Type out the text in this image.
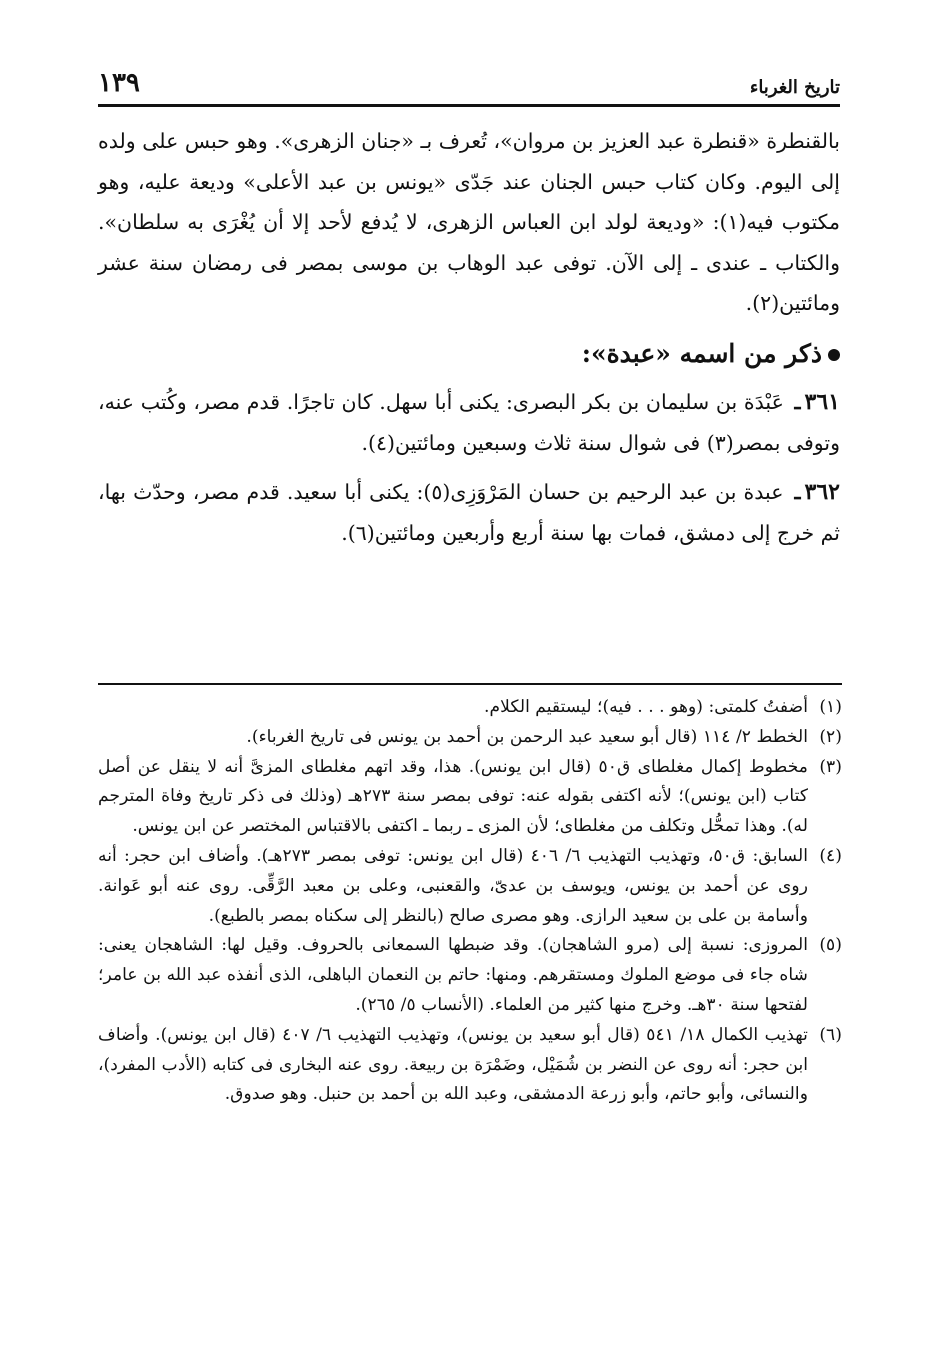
تاريخ الغرباء
١٣٩
بالقنطرة «قنطرة عبد العزيز بن مروان»، تُعرف بـ «جنان الزهرى». وهو حبس على ولده إلى اليوم. وكان كتاب حبس الجنان عند جَدّى «يونس بن عبد الأعلى» وديعة عليه، وهو مكتوب فيه(١): «وديعة لولد ابن العباس الزهرى، لا يُدفع لأحد إلا أن يُغْرَى به سلطان». والكتاب ـ عندى ـ إلى الآن. توفى عبد الوهاب بن موسى بمصر فى رمضان سنة عشر ومائتين(٢).
ذكر من اسمه «عبدة»:
٣٦١ـ عَبْدَة بن سليمان بن بكر البصرى: يكنى أبا سهل. كان تاجرًا. قدم مصر، وكُتب عنه، وتوفى بمصر(٣) فى شوال سنة ثلاث وسبعين ومائتين(٤).
٣٦٢ـ عبدة بن عبد الرحيم بن حسان المَرْوَزِى(٥): يكنى أبا سعيد. قدم مصر، وحدّث بها، ثم خرج إلى دمشق، فمات بها سنة أربع وأربعين ومائتين(٦).
(١)
أضفتُ كلمتى: (وهو . . . فيه)؛ ليستقيم الكلام.
(٢)
الخطط ٢/ ١١٤ (قال أبو سعيد عبد الرحمن بن أحمد بن يونس فى تاريخ الغرباء).
(٣)
مخطوط إكمال مغلطاى ق٥٠ (قال ابن يونس). هذا، وقد اتهم مغلطاى المزىَّ أنه لا ينقل عن أصل كتاب (ابن يونس)؛ لأنه اكتفى بقوله عنه: توفى بمصر سنة ٢٧٣هـ (وذلك فى ذكر تاريخ وفاة المترجم له). وهذا تمحُّل وتكلف من مغلطاى؛ لأن المزى ـ ربما ـ اكتفى بالاقتباس المختصر عن ابن يونس.
(٤)
السابق: ق٥٠، وتهذيب التهذيب ٦/ ٤٠٦ (قال ابن يونس: توفى بمصر ٢٧٣هـ). وأضاف ابن حجر: أنه روى عن أحمد بن يونس، ويوسف بن عدىّ، والقعنبى، وعلى بن معبد الرَّقِّى. روى عنه أبو عَوانة. وأسامة بن على بن سعيد الرازى. وهو مصرى صالح (بالنظر إلى سكناه بمصر بالطبع).
(٥)
المروزى: نسبة إلى (مرو الشاهجان). وقد ضبطها السمعانى بالحروف. وقيل لها: الشاهجان يعنى: شاه جاء فى موضع الملوك ومستقرهم. ومنها: حاتم بن النعمان الباهلى، الذى أنفذه عبد الله بن عامر؛ لفتحها سنة ٣٠هـ. وخرج منها كثير من العلماء. (الأنساب ٥/ ٢٦٥).
(٦)
تهذيب الكمال ١٨/ ٥٤١ (قال أبو سعيد بن يونس)، وتهذيب التهذيب ٦/ ٤٠٧ (قال ابن يونس). وأضاف ابن حجر: أنه روى عن النضر بن شُمَيْل، وضَمْرَة بن ربيعة. روى عنه البخارى فى كتابه (الأدب المفرد)، والنسائى، وأبو حاتم، وأبو زرعة الدمشقى، وعبد الله بن أحمد بن حنبل. وهو صدوق.
